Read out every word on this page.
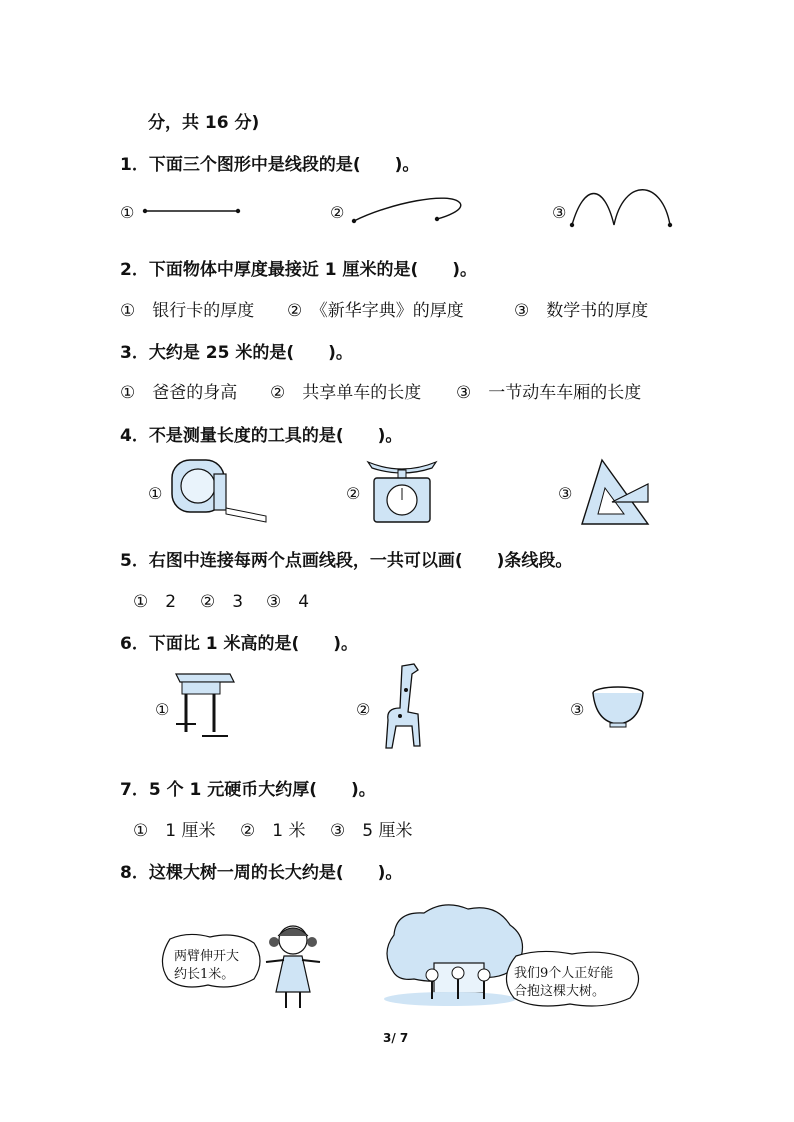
分，共 16 分)
1．下面三个图形中是线段的是(　　)。
①	②	③
2．下面物体中厚度最接近 1 厘米的是(　　)。
①　银行卡的厚度 ②　《新华字典》的厚度	③　数学书的厚度
3．大约是 25 米的是(　　)。
①　爸爸的身高 ②　共享单车的长度 ③　一节动车车厢的长度
4．不是测量长度的工具的是(　　)。
①	②	③
5．右图中连接每两个点画线段，一共可以画(　　)条线段。
①　2 ②　3 ③　4
6．下面比 1 米高的是(　　)。
①	②	③
7．5 个 1 元硬币大约厚(　　)。
①　1 厘米 ②　1 米 ③　5 厘米
8．这棵大树一周的长大约是(　　)。
两臂伸开大
约长1米。	我们9个人正好能
合抱这棵大树。
3/ 7
